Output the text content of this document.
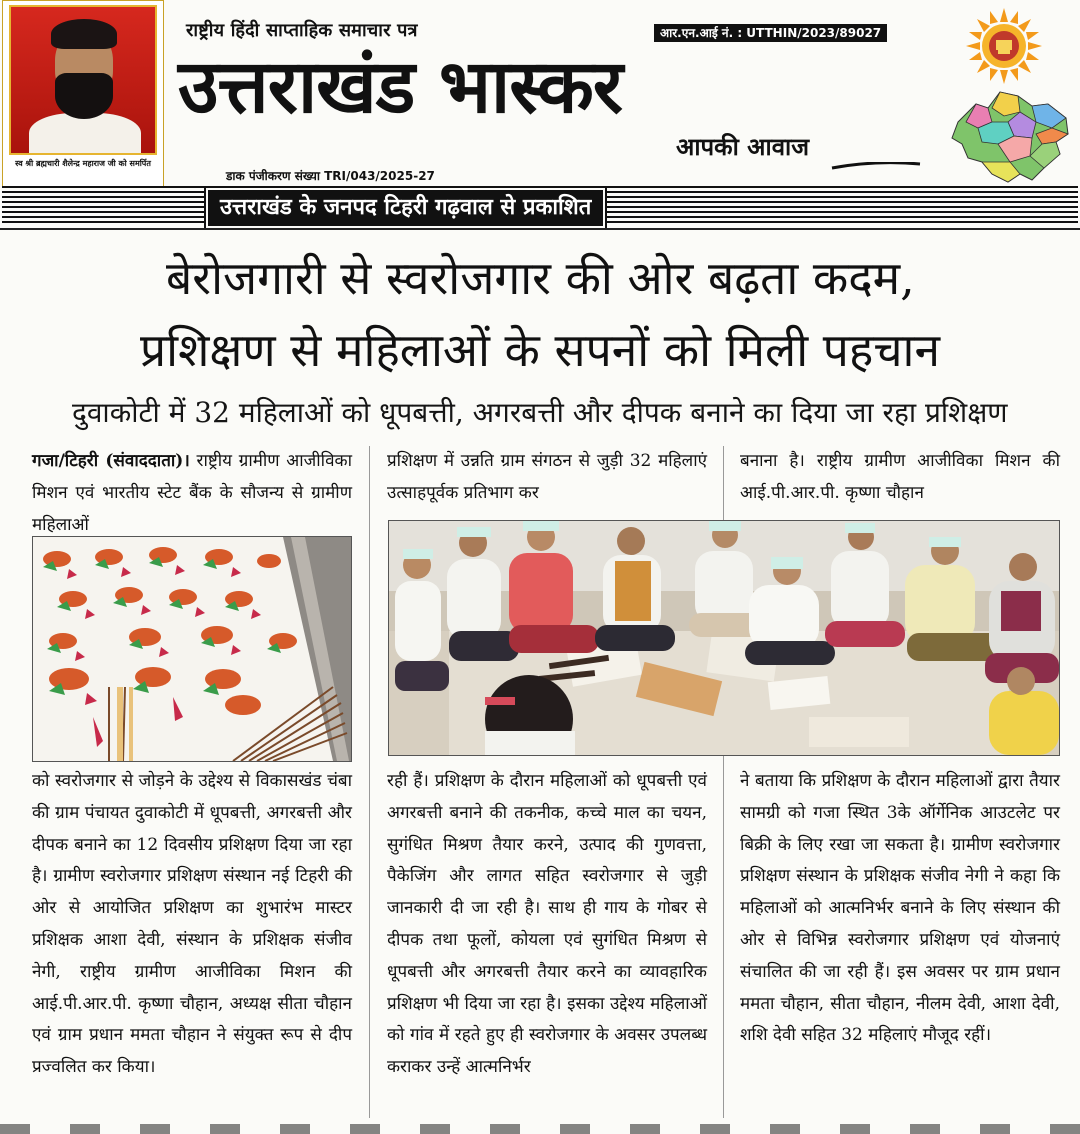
स्व श्री ब्रह्मचारी शैलेन्द्र महाराज जी को समर्पित
राष्ट्रीय हिंदी साप्ताहिक समाचार पत्र	आर.एन.आई नं. : UTTHIN/2023/89027
उत्तराखंड भास्कर
आपकी आवाज
डाक पंजीकरण संख्या TRI/043/2025-27
उत्तराखंड के जनपद टिहरी गढ़वाल से प्रकाशित
बेरोजगारी से स्वरोजगार की ओर बढ़ता कदम,
प्रशिक्षण से महिलाओं के सपनों को मिली पहचान
दुवाकोटी में 32 महिलाओं को धूपबत्ती, अगरबत्ती और दीपक बनाने का दिया जा रहा प्रशिक्षण
गजा/टिहरी (संवाददाता)। राष्ट्रीय ग्रामीण आजीविका मिशन एवं भारतीय स्टेट बैंक के सौजन्य से ग्रामीण महिलाओं
प्रशिक्षण में उन्नति ग्राम संगठन से जुड़ी 32 महिलाएं उत्साहपूर्वक प्रतिभाग कर
बनाना है। राष्ट्रीय ग्रामीण आजीविका मिशन की आई.पी.आर.पी. कृष्णा चौहान
को स्वरोजगार से जोड़ने के उद्देश्य से विकासखंड चंबा की ग्राम पंचायत दुवाकोटी में धूपबत्ती, अगरबत्ती और दीपक बनाने का 12 दिवसीय प्रशिक्षण दिया जा रहा है। ग्रामीण स्वरोजगार प्रशिक्षण संस्थान नई टिहरी की ओर से आयोजित प्रशिक्षण का शुभारंभ मास्टर प्रशिक्षक आशा देवी, संस्थान के प्रशिक्षक संजीव नेगी, राष्ट्रीय ग्रामीण आजीविका मिशन की आई.पी.आर.पी. कृष्णा चौहान, अध्यक्ष सीता चौहान एवं ग्राम प्रधान ममता चौहान ने संयुक्त रूप से दीप प्रज्वलित कर किया।
रही हैं। प्रशिक्षण के दौरान महिलाओं को धूपबत्ती एवं अगरबत्ती बनाने की तकनीक, कच्चे माल का चयन, सुगंधित मिश्रण तैयार करने, उत्पाद की गुणवत्ता, पैकेजिंग और लागत सहित स्वरोजगार से जुड़ी जानकारी दी जा रही है। साथ ही गाय के गोबर से दीपक तथा फूलों, कोयला एवं सुगंधित मिश्रण से धूपबत्ती और अगरबत्ती तैयार करने का व्यावहारिक प्रशिक्षण भी दिया जा रहा है। इसका उद्देश्य महिलाओं को गांव में रहते हुए ही स्वरोजगार के अवसर उपलब्ध कराकर उन्हें आत्मनिर्भर
ने बताया कि प्रशिक्षण के दौरान महिलाओं द्वारा तैयार सामग्री को गजा स्थित 3के ऑर्गेनिक आउटलेट पर बिक्री के लिए रखा जा सकता है। ग्रामीण स्वरोजगार प्रशिक्षण संस्थान के प्रशिक्षक संजीव नेगी ने कहा कि महिलाओं को आत्मनिर्भर बनाने के लिए संस्थान की ओर से विभिन्न स्वरोजगार प्रशिक्षण एवं योजनाएं संचालित की जा रही हैं। इस अवसर पर ग्राम प्रधान ममता चौहान, सीता चौहान, नीलम देवी, आशा देवी, शशि देवी सहित 32 महिलाएं मौजूद रहीं।
